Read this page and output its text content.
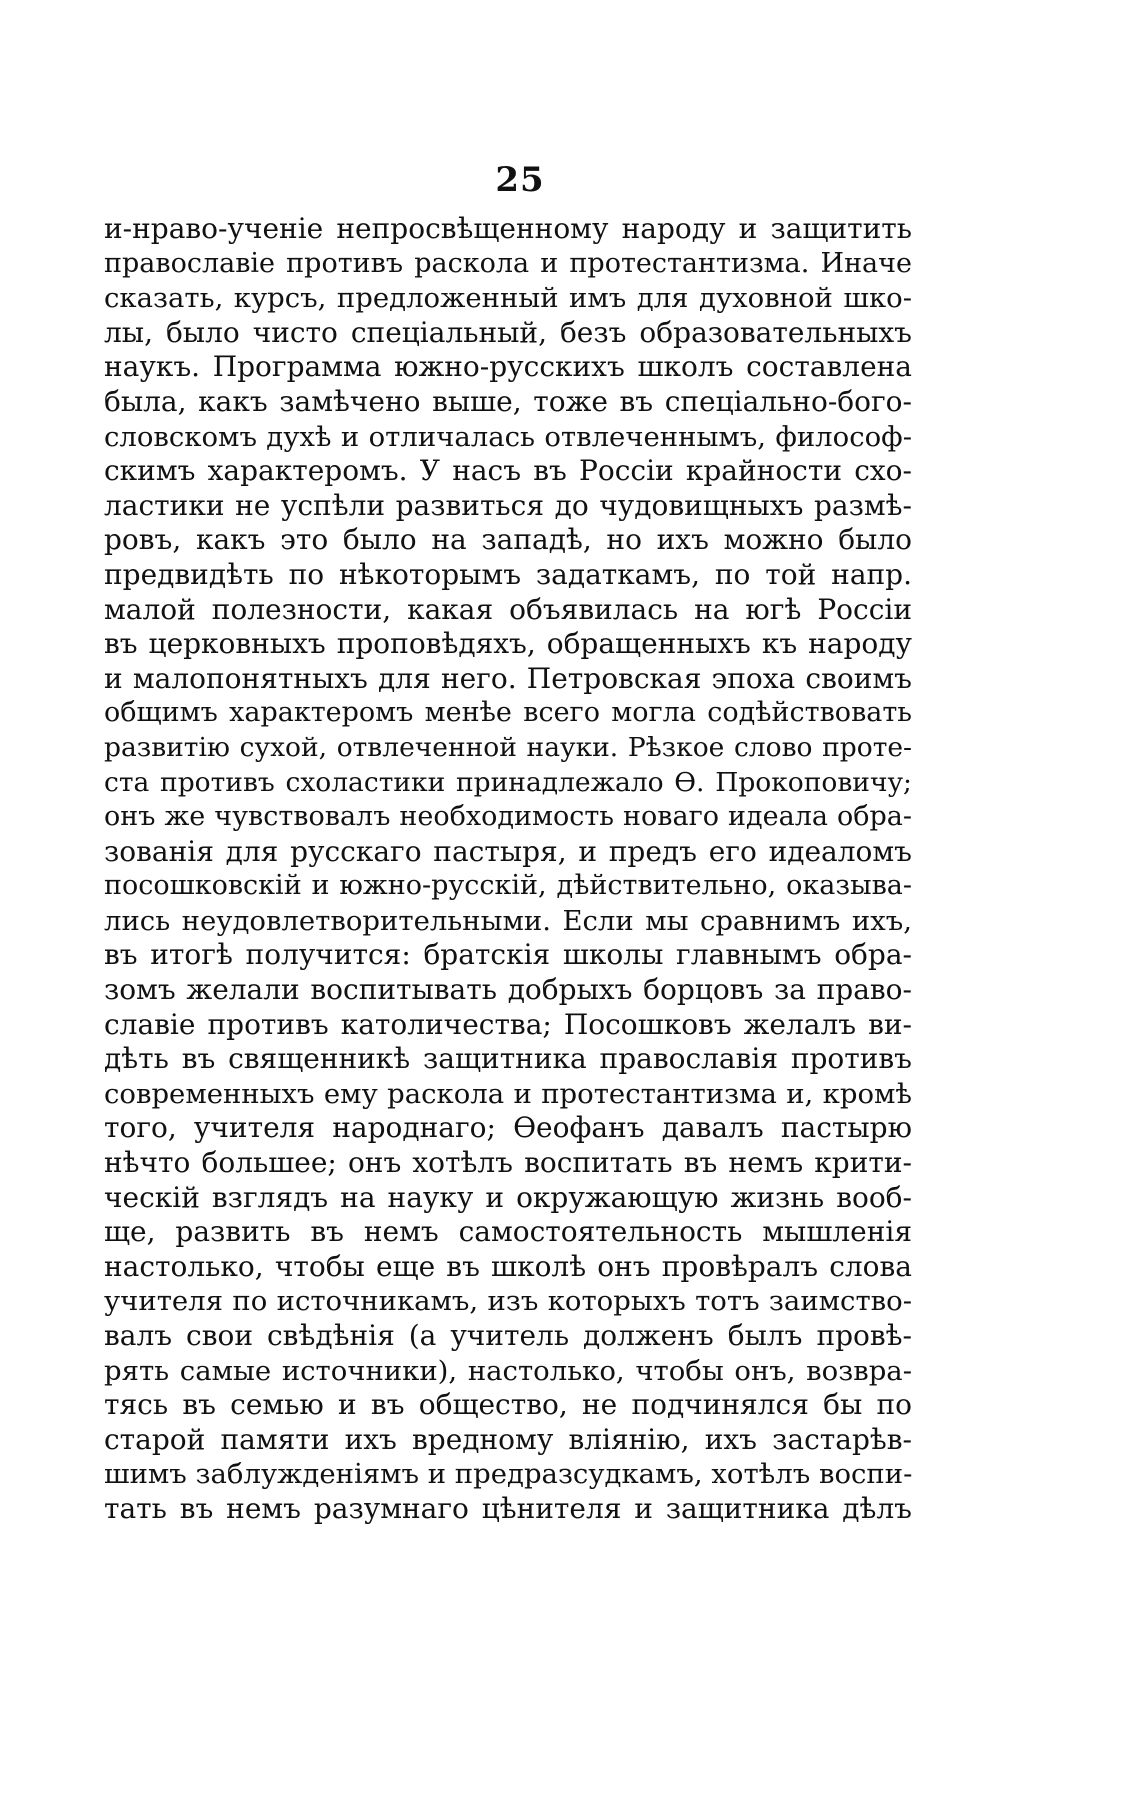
25
и-нраво-ученіе непросвѣщенному народу и защитить
православіе противъ раскола и протестантизма. Иначе
сказать, курсъ, предложенный имъ для духовной шко-
лы, было чисто спеціальный, безъ образовательныхъ
наукъ. Программа южно-русскихъ школъ составлена
была, какъ замѣчено выше, тоже въ спеціально-бого-
словскомъ духѣ и отличалась отвлеченнымъ, философ-
скимъ характеромъ. У насъ въ Россіи крайности схо-
ластики не успѣли развиться до чудовищныхъ размѣ-
ровъ, какъ это было на западѣ, но ихъ можно было
предвидѣть по нѣкоторымъ задаткамъ, по той напр.
малой полезности, какая объявилась на югѣ Россіи
въ церковныхъ проповѣдяхъ, обращенныхъ къ народу
и малопонятныхъ для него. Петровская эпоха своимъ
общимъ характеромъ менѣе всего могла содѣйствовать
развитію сухой, отвлеченной науки. Рѣзкое слово проте-
ста противъ схоластики принадлежало Ѳ. Прокоповичу;
онъ же чувствовалъ необходимость новаго идеала обра-
зованія для русскаго пастыря, и предъ его идеаломъ
посошковскій и южно-русскій, дѣйствительно, оказыва-
лись неудовлетворительными. Если мы сравнимъ ихъ,
въ итогѣ получится: братскія школы главнымъ обра-
зомъ желали воспитывать добрыхъ борцовъ за право-
славіе противъ католичества; Посошковъ желалъ ви-
дѣть въ священникѣ защитника православія противъ
современныхъ ему раскола и протестантизма и, кромѣ
того, учителя народнаго; Ѳеофанъ давалъ пастырю
нѣчто большее; онъ хотѣлъ воспитать въ немъ крити-
ческій взглядъ на науку и окружающую жизнь вооб-
ще, развить въ немъ самостоятельность мышленія
настолько, чтобы еще въ школѣ онъ провѣралъ слова
учителя по источникамъ, изъ которыхъ тотъ заимство-
валъ свои свѣдѣнія (а учитель долженъ былъ провѣ-
рять самые источники), настолько, чтобы онъ, возвра-
тясь въ семью и въ общество, не подчинялся бы по
старой памяти ихъ вредному вліянію, ихъ застарѣв-
шимъ заблужденіямъ и предразсудкамъ, хотѣлъ воспи-
тать въ немъ разумнаго цѣнителя и защитника дѣлъ
